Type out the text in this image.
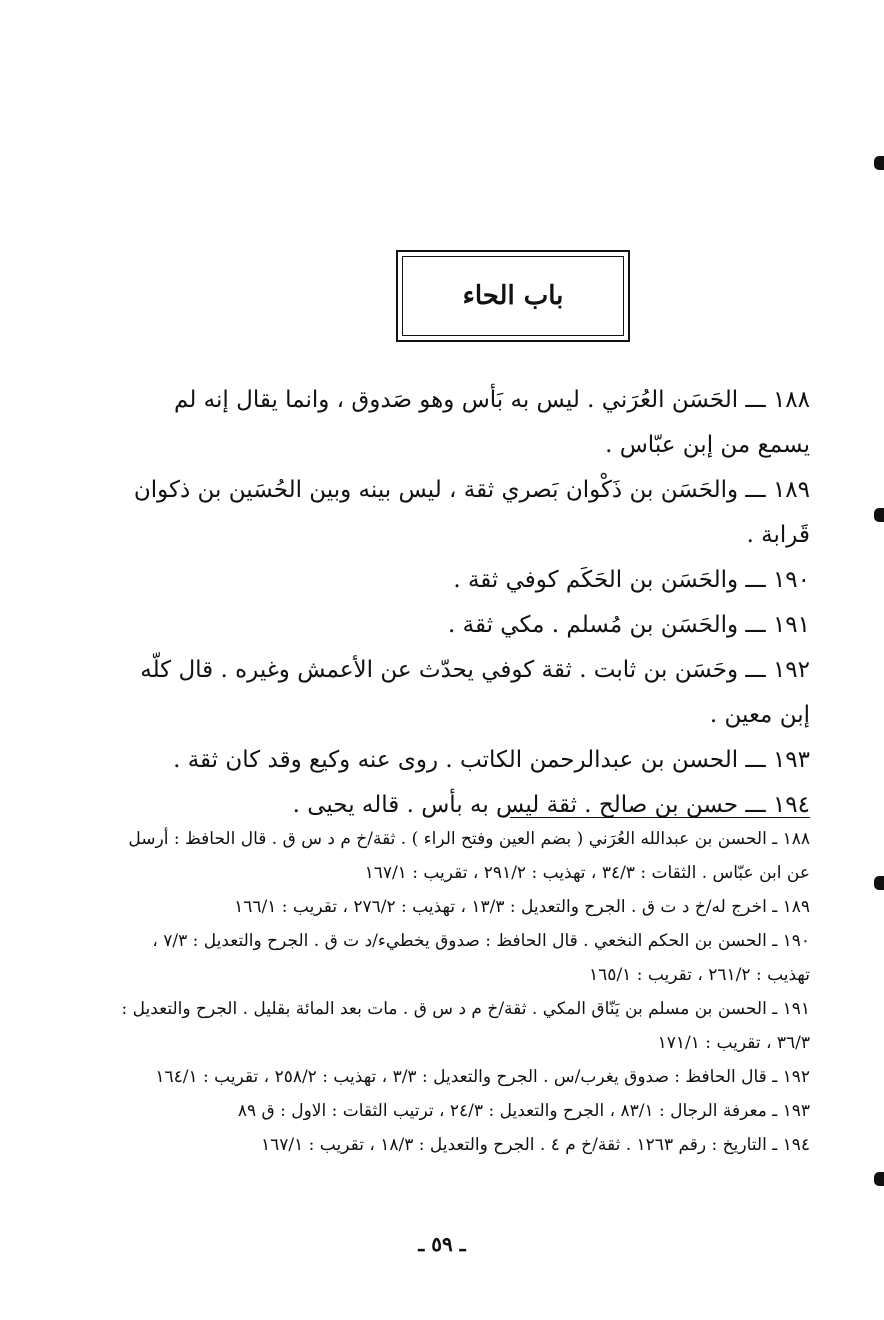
باب الحاء

١٨٨ ـــ الحَسَن العُرَني . ليس به بَأس وهو صَدوق ، وانما يقال إنه لم يسمع من إبن عبّاس .

١٨٩ ـــ والحَسَن بن ذَكْوان بَصري ثقة ، ليس بينه وبين الحُسَين بن ذكوان قَرابة .

١٩٠ ـــ والحَسَن بن الحَكَم كوفي ثقة .

١٩١ ـــ والحَسَن بن مُسلم . مكي ثقة .

١٩٢ ـــ وحَسَن بن ثابت . ثقة كوفي يحدّث عن الأعمش وغيره . قال كلّه إبن معين .

١٩٣ ـــ الحسن بن عبدالرحمن الكاتب . روى عنه وكيع وقد كان ثقة .

١٩٤ ـــ حسن بن صالح . ثقة ليس به بأس . قاله يحيى .

١٨٨ ـ الحسن بن عبدالله العُرَني ( بضم العين وفتح الراء ) . ثقة/خ م د س ق . قال الحافظ : أرسل عن ابن عبّاس . الثقات : ٣٤/٣ ، تهذيب : ٢٩١/٢ ، تقريب : ١٦٧/١

١٨٩ ـ اخرج له/خ د ت ق . الجرح والتعديل : ١٣/٣ ، تهذيب : ٢٧٦/٢ ، تقريب : ١٦٦/١

١٩٠ ـ الحسن بن الحكم النخعي . قال الحافظ : صدوق يخطيء/د ت ق . الجرح والتعديل : ٧/٣ ، تهذيب : ٢٦١/٢ ، تقريب : ١٦٥/١

١٩١ ـ الحسن بن مسلم بن يَنّاق المكي . ثقة/خ م د س ق . مات بعد المائة بقليل . الجرح والتعديل : ٣٦/٣ ، تقريب : ١٧١/١

١٩٢ ـ قال الحافظ : صدوق يغرب/س . الجرح والتعديل : ٣/٣ ، تهذيب : ٢٥٨/٢ ، تقريب : ١٦٤/١

١٩٣ ـ معرفة الرجال : ٨٣/١ ، الجرح والتعديل : ٢٤/٣ ، ترتيب الثقات : الاول : ق ٨٩

١٩٤ ـ التاريخ : رقم ١٢٦٣ . ثقة/خ م ٤ . الجرح والتعديل : ١٨/٣ ، تقريب : ١٦٧/١

ـ ٥٩ ـ
